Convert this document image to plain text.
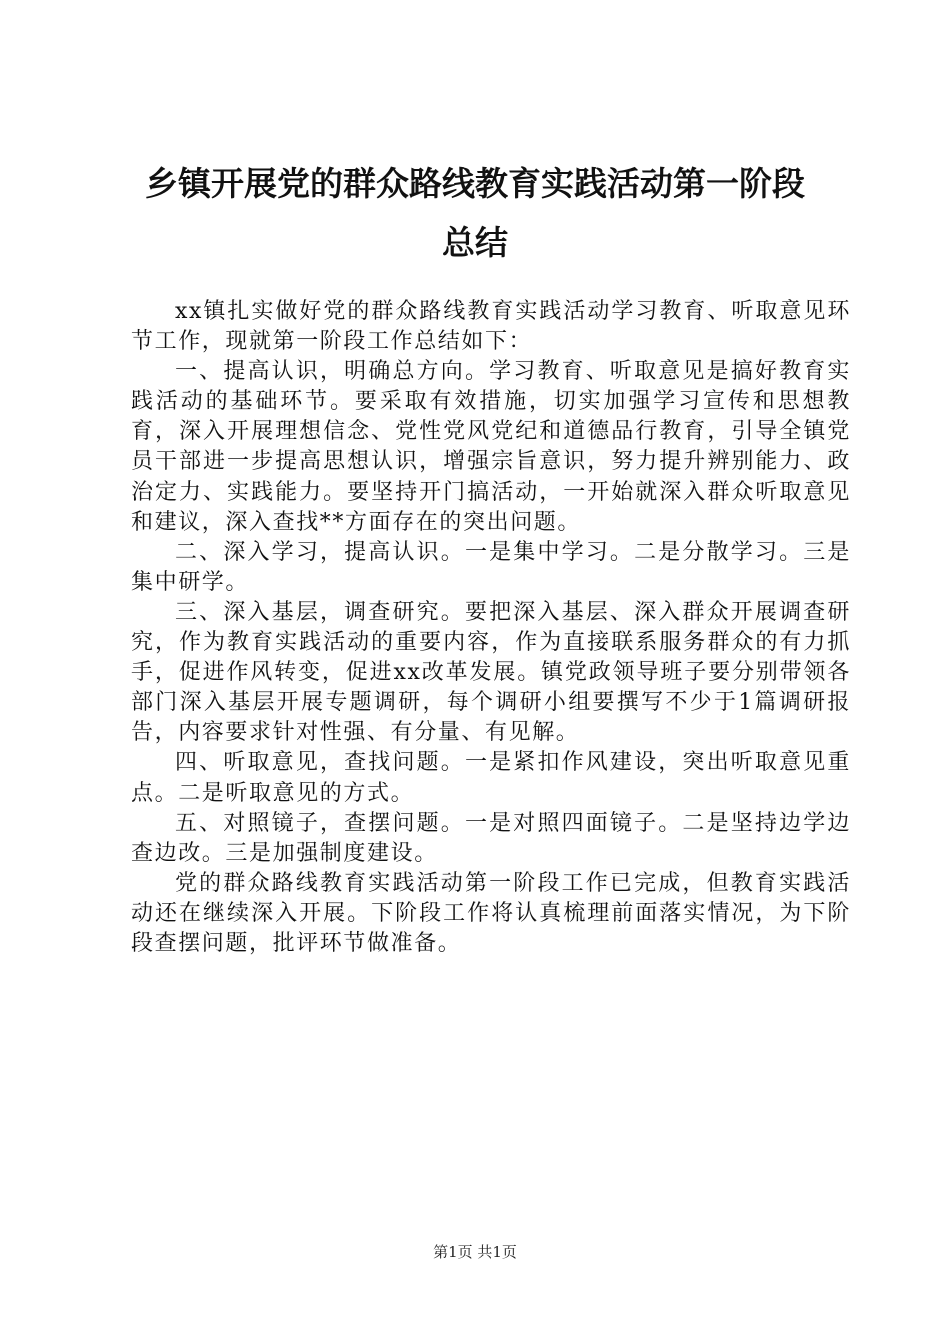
乡镇开展党的群众路线教育实践活动第一阶段
总结

xx镇扎实做好党的群众路线教育实践活动学习教育、听取意见环节工作，现就第一阶段工作总结如下：

一、提高认识，明确总方向。学习教育、听取意见是搞好教育实践活动的基础环节。要采取有效措施，切实加强学习宣传和思想教育，深入开展理想信念、党性党风党纪和道德品行教育，引导全镇党员干部进一步提高思想认识，增强宗旨意识，努力提升辨别能力、政治定力、实践能力。要坚持开门搞活动，一开始就深入群众听取意见和建议，深入查找**方面存在的突出问题。

二、深入学习，提高认识。一是集中学习。二是分散学习。三是集中研学。

三、深入基层，调查研究。要把深入基层、深入群众开展调查研究，作为教育实践活动的重要内容，作为直接联系服务群众的有力抓手，促进作风转变，促进xx改革发展。镇党政领导班子要分别带领各部门深入基层开展专题调研，每个调研小组要撰写不少于1篇调研报告，内容要求针对性强、有分量、有见解。

四、听取意见，查找问题。一是紧扣作风建设，突出听取意见重点。二是听取意见的方式。

五、对照镜子，查摆问题。一是对照四面镜子。二是坚持边学边查边改。三是加强制度建设。

党的群众路线教育实践活动第一阶段工作已完成，但教育实践活动还在继续深入开展。下阶段工作将认真梳理前面落实情况，为下阶段查摆问题，批评环节做准备。

第1页 共1页
